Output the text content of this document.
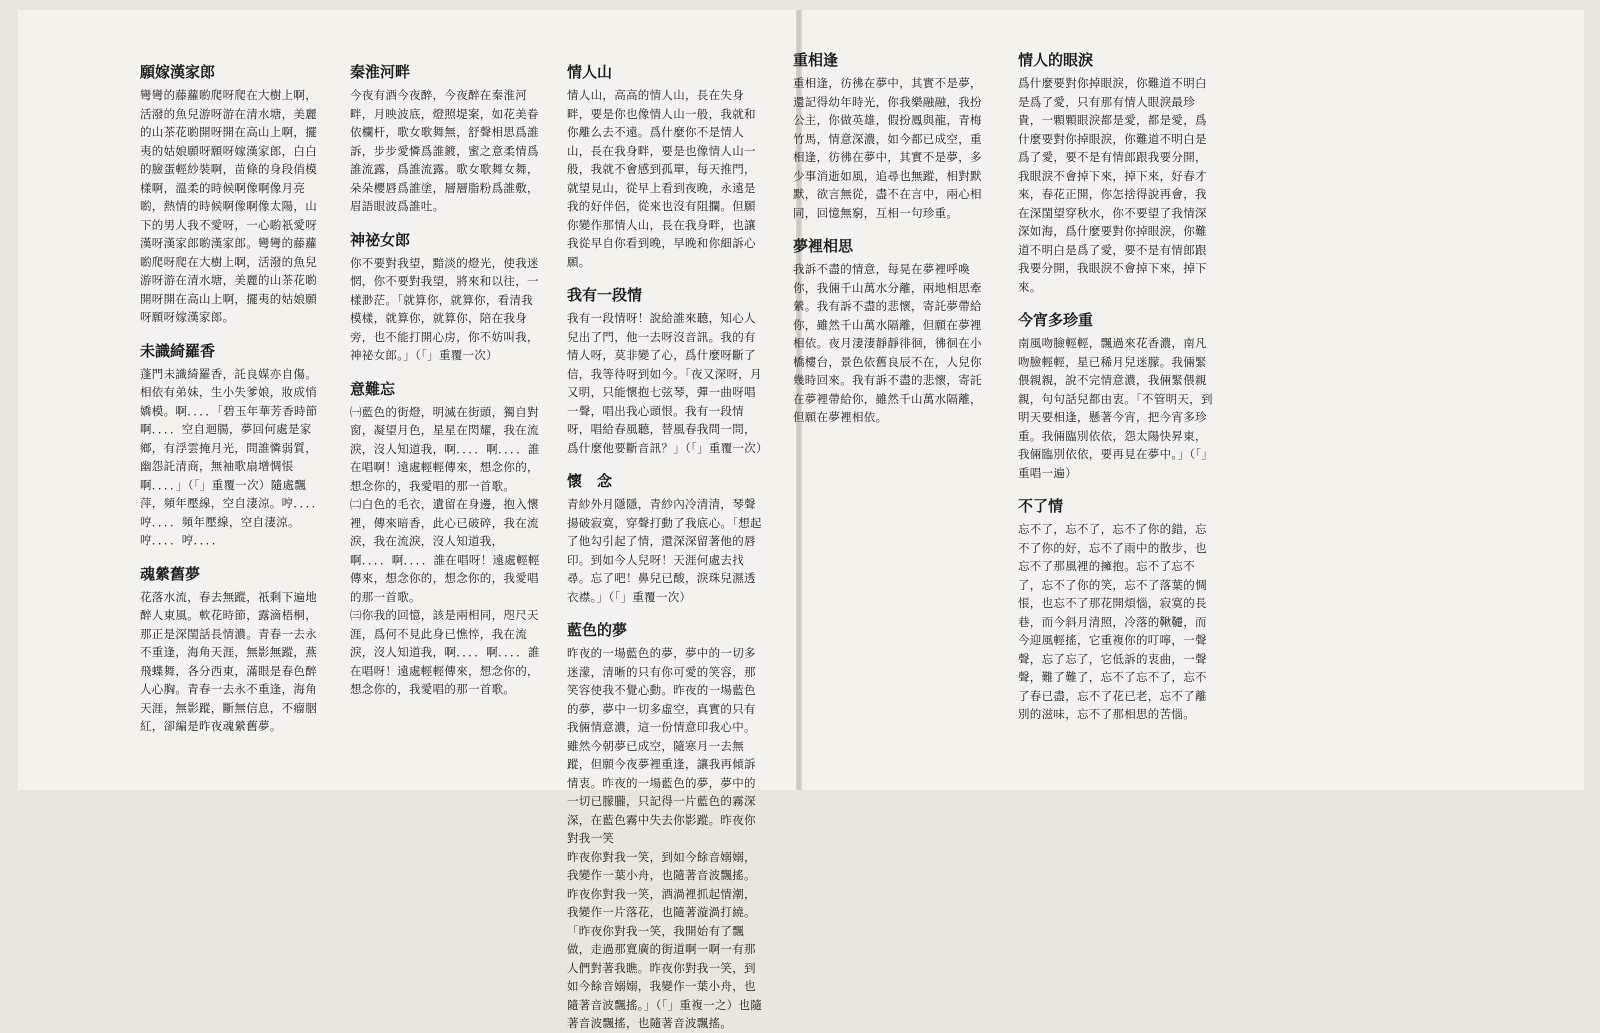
願嫁漢家郎
彎彎的藤蘿喲爬呀爬在大樹上啊，活潑的魚兒游呀游在清水塘，美麗的山茶花喲開呀開在高山上啊，擺夷的姑娘願呀願呀嫁漢家郎，白白的臉蛋輕紗裝啊，苗條的身段俏模樣啊，溫柔的時候啊像啊像月亮喲，熱情的時候啊像啊像太陽，山下的男人我不愛呀，一心喲祇愛呀漢呀漢家郎喲漢家郎。彎彎的藤蘿喲爬呀爬在大樹上啊，活潑的魚兒游呀游在清水塘，美麗的山茶花喲開呀開在高山上啊，擺夷的姑娘願呀願呀嫁漢家郎。
未識綺羅香
蓬門未識綺羅香，託良媒亦自傷。相依有弟妹，生小失爹娘，妝成悄嬌模。啊．．．．「碧玉年華芳香時節啊．．．．空自迴腸，夢回何處是家鄉，有浮雲掩月光，問誰憐弱質，幽怨託清商，無袖歌扇增惆悵啊．．．．」（「」重覆一次）隨處飄萍，頻年壓線，空自淒涼。哼．．．．哼．．．．頻年壓線，空自淒涼。哼．．．．哼．．．．
魂縈舊夢
花落水流，春去無蹤，祇剩下遍地醉人東風。軟花時節，露滴梧桐，那正是深閨話長情濃。青春一去永不重逢，海角天涯，無影無蹤，燕飛蝶舞，各分西東，滿眼是春色醉人心胸。青春一去永不重逢，海角天涯，無影蹤，斷無信息，不瘤胭紅，卻編是昨夜魂縈舊夢。
秦淮河畔
今夜有酒今夜醉，今夜醉在秦淮河畔，月映波底，燈照堤案，如花美眷依欄杆，歌女歌舞無，舒聲相思爲誰訴，步步愛憐爲誰鍍，蜜之意柔情爲誰流露，爲誰流露。歌女歌舞女舞，朵朵櫻唇爲誰塗，層層脂粉爲誰敷，眉語眼波爲誰吐。
神祕女郎
你不要對我望，黯淡的燈光，使我迷惘，你不要對我望，將來和以往，一樣渺茫。「就算你，就算你，看清我模樣，就算你，就算你，陪在我身旁，也不能打開心房，你不妨叫我，神祕女郎。」（「」重覆一次）
意難忘
㈠藍色的街燈，明滅在街頭，獨自對窗，凝望月色，星星在閃耀，我在流淚，沒人知道我，啊．．．．啊．．．．誰在唱啊！遠處輕輕傳來，想念你的，想念你的，我愛唱的那一首歌。
㈡白色的毛衣，遺留在身邊，抱入懷裡，傳來暗香，此心已破碎，我在流淚，我在流淚，沒人知道我，啊．．．．啊．．．．誰在唱呀！遠處輕輕傳來，想念你的，想念你的，我愛唱的那一首歌。
㈢你我的回憶，該是兩相同，咫尺天涯，爲何不見此身已憔悴，我在流淚，沒人知道我，啊．．．．啊．．．．誰在唱呀！遠處輕輕傳來，想念你的，想念你的，我愛唱的那一首歌。
情人山
情人山，高高的情人山，長在失身畔，要是你也像情人山一般，我就和你離么去不遠。爲什麼你不是情人山，長在我身畔，要是也像情人山一般，我就不會感到孤單，每天推門，就望見山，從早上看到夜晚，永遠是我的好伴侶，從來也沒有阻攔。但願你變作那情人山，長在我身畔，也讓我從早自你看到晚，早晚和你細訴心願。
我有一段情
我有一段情呀！說給誰來聽，知心人兒出了門，他一去呀沒音訊。我的有情人呀，莫非變了心，爲什麼呀斷了信，我等待呀到如今。「夜又深呀，月又明，只能懷抱七弦琴，彈一曲呀唱一聲，唱出我心頭恨。我有一段情呀，唱給春風聽，替風春我問一問，爲什麼他要斷音訊？」（「」重覆一次）
懷　念
青紗外月隱隱，青紗內冷清清，琴聲揚破寂寞，穿聲打動了我底心。「想起了他勾引起了情，還深深留著他的唇印。到如今人兒呀！天涯何處去找尋。忘了吧！鼻兒已酸，淚珠兒濕透衣襟。」（「」重覆一次）
藍色的夢
昨夜的一場藍色的夢，夢中的一切多迷濛，清晰的只有你可愛的笑容，那笑容使我不覺心動。昨夜的一場藍色的夢，夢中一切多虛空，真實的只有我倆情意濃，這一份情意印我心中。雖然今朝夢已成空，隨寒月一去無蹤，但願今夜夢裡重逢，讓我再傾訴情衷。昨夜的一場藍色的夢，夢中的一切已朦朧，只記得一片藍色的霧深深，在藍色霧中失去你影蹤。昨夜你對我一笑
昨夜你對我一笑，到如今餘音嫋嫋，我變作一葉小舟，也隨著音波飄搖。昨夜你對我一笑，酒渦裡抓起情潮，我變作一片落花，也隨著漩渦打繞。「昨夜你對我一笑，我開始有了飄做，走過那寬廣的街道啊一啊一有那人們對著我瞧。昨夜你對我一笑，到如今餘音嫋嫋，我變作一葉小舟，也隨著音波飄搖。」（「」重複一之）也隨著音波飄搖，也隨著音波飄搖。
重相逢
重相逢，彷彿在夢中，其實不是夢，還記得幼年時光，你我樂融融，我扮公主，你做英雄，假扮鳳與龍，青梅竹馬，情意深濃，如今都已成空，重相逢，彷彿在夢中，其實不是夢，多少事消逝如風，追尋也無蹤，相對默默，欲言無從，盡不在言中，兩心相同，回憶無窮，互相一句珍重。
夢裡相思
我訴不盡的情意，每晃在夢裡呼喚你，我倆千山萬水分離，兩地相思牽縈。我有訴不盡的悲懷，寄託夢帶給你，雖然千山萬水隔離，但願在夢裡相依。夜月淒淒靜靜徘徊，彿徊在小橋樓台，景色依舊良辰不在，人兒你幾時回來。我有訴不盡的悲懷，寄託在夢裡帶給你，雖然千山萬水隔離，但願在夢裡相依。
情人的眼淚
爲什麼要對你掉眼淚，你難道不明白是爲了愛，只有那有情人眼淚最珍貴，一顆顆眼淚都是愛，都是愛，爲什麼要對你掉眼淚，你難道不明白是爲了愛，要不是有情郎跟我要分開，我眼淚不會掉下來，掉下來，好春才來，春花正開，你怎捨得說再會，我在深閨望穿秋水，你不要望了我情深深如海，爲什麼要對你掉眼淚，你難道不明白是爲了愛，要不是有情郎跟我要分開，我眼淚不會掉下來，掉下來。
今宵多珍重
南風吻臉輕輕，飄過來花香濃，南凡吻臉輕輕，星已稀月兒迷朦。我倆緊偎親親，說不完情意濃，我倆緊偎親親，句句話兒都由衷。「不管明天，到明天要相逢，懸著今宵，把今宵多珍重。我倆臨別依依，怨太陽快昇東，我倆臨別依依，要再見在夢中。」（「」重唱一遍）
不了情
忘不了，忘不了，忘不了你的錯，忘不了你的好，忘不了雨中的散步，也忘不了那風裡的擁抱。忘不了忘不了，忘不了你的笑，忘不了落葉的惆悵，也忘不了那花開煩惱，寂寞的長巷，而今斜月清照，冷落的鞦韆，而今迎風輕搖，它重複你的叮嚀，一聲聲，忘了忘了，它低訴的衷曲，一聲聲，難了難了，忘不了忘不了，忘不了春已盡，忘不了花已老，忘不了離別的滋味，忘不了那相思的苦惱。
